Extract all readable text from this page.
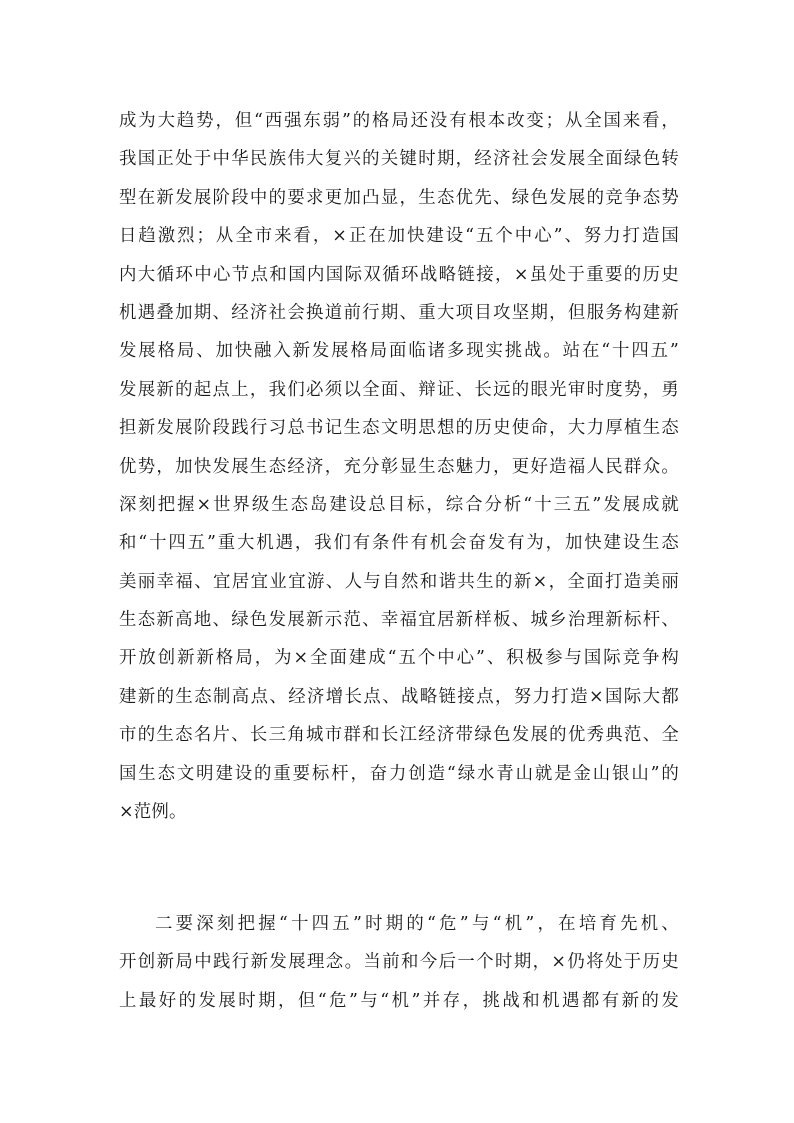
成为大趋势，但“西强东弱”的格局还没有根本改变；从全国来看，
我国正处于中华民族伟大复兴的关键时期，经济社会发展全面绿色转
型在新发展阶段中的要求更加凸显，生态优先、绿色发展的竞争态势
日趋激烈；从全市来看，×正在加快建设“五个中心”、努力打造国
内大循环中心节点和国内国际双循环战略链接，×虽处于重要的历史
机遇叠加期、经济社会换道前行期、重大项目攻坚期，但服务构建新
发展格局、加快融入新发展格局面临诸多现实挑战。站在“十四五”
发展新的起点上，我们必须以全面、辩证、长远的眼光审时度势，勇
担新发展阶段践行习总书记生态文明思想的历史使命，大力厚植生态
优势，加快发展生态经济，充分彰显生态魅力，更好造福人民群众。
深刻把握×世界级生态岛建设总目标，综合分析“十三五”发展成就
和“十四五”重大机遇，我们有条件有机会奋发有为，加快建设生态
美丽幸福、宜居宜业宜游、人与自然和谐共生的新×，全面打造美丽
生态新高地、绿色发展新示范、幸福宜居新样板、城乡治理新标杆、
开放创新新格局，为×全面建成“五个中心”、积极参与国际竞争构
建新的生态制高点、经济增长点、战略链接点，努力打造×国际大都
市的生态名片、长三角城市群和长江经济带绿色发展的优秀典范、全
国生态文明建设的重要标杆，奋力创造“绿水青山就是金山银山”的
×范例。
二要深刻把握“十四五”时期的“危”与“机”，在培育先机、
开创新局中践行新发展理念。当前和今后一个时期，×仍将处于历史
上最好的发展时期，但“危”与“机”并存，挑战和机遇都有新的发
